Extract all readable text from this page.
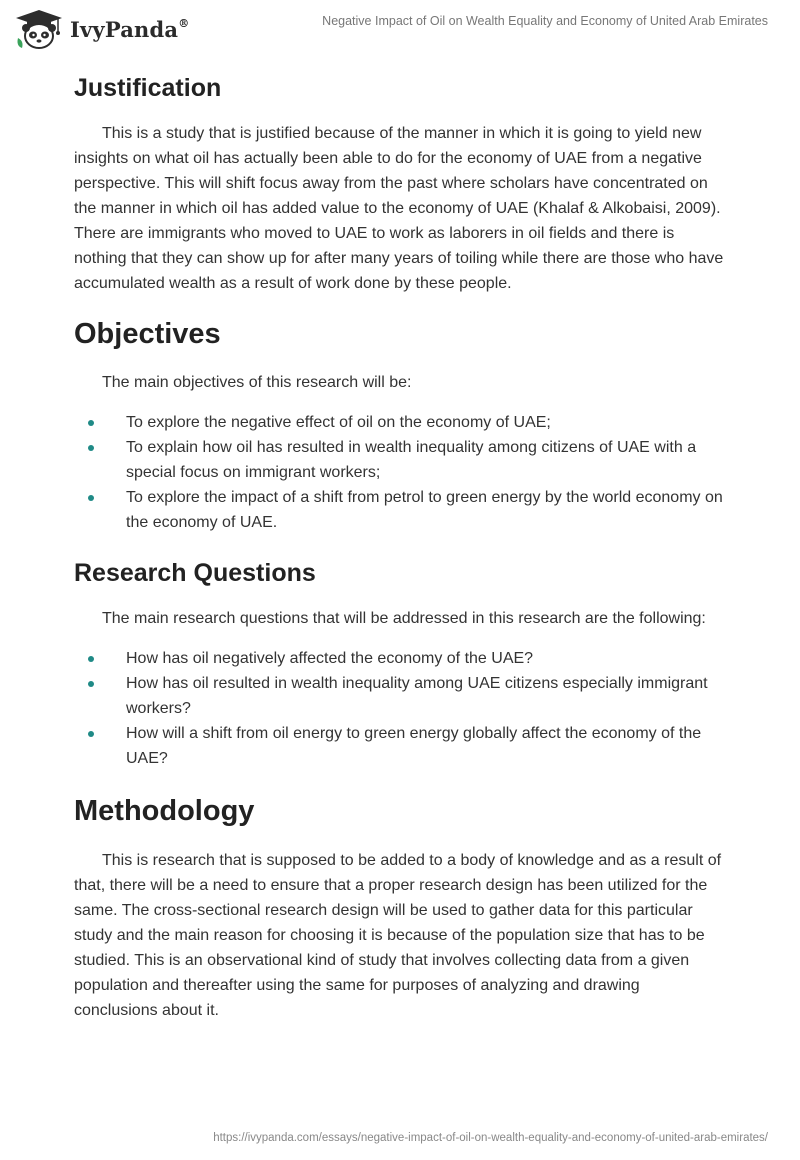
IvyPanda®	Negative Impact of Oil on Wealth Equality and Economy of United Arab Emirates
Justification

This is a study that is justified because of the manner in which it is going to yield new insights on what oil has actually been able to do for the economy of UAE from a negative perspective. This will shift focus away from the past where scholars have concentrated on the manner in which oil has added value to the economy of UAE (Khalaf & Alkobaisi, 2009). There are immigrants who moved to UAE to work as laborers in oil fields and there is nothing that they can show up for after many years of toiling while there are those who have accumulated wealth as a result of work done by these people.

Objectives

The main objectives of this research will be:

To explore the negative effect of oil on the economy of UAE;
To explain how oil has resulted in wealth inequality among citizens of UAE with a special focus on immigrant workers;
To explore the impact of a shift from petrol to green energy by the world economy on the economy of UAE.
Research Questions

The main research questions that will be addressed in this research are the following:

How has oil negatively affected the economy of the UAE?
How has oil resulted in wealth inequality among UAE citizens especially immigrant workers?
How will a shift from oil energy to green energy globally affect the economy of the UAE?
Methodology

This is research that is supposed to be added to a body of knowledge and as a result of that, there will be a need to ensure that a proper research design has been utilized for the same. The cross-sectional research design will be used to gather data for this particular study and the main reason for choosing it is because of the population size that has to be studied. This is an observational kind of study that involves collecting data from a given population and thereafter using the same for purposes of analyzing and drawing conclusions about it.

https://ivypanda.com/essays/negative-impact-of-oil-on-wealth-equality-and-economy-of-united-arab-emirates/
